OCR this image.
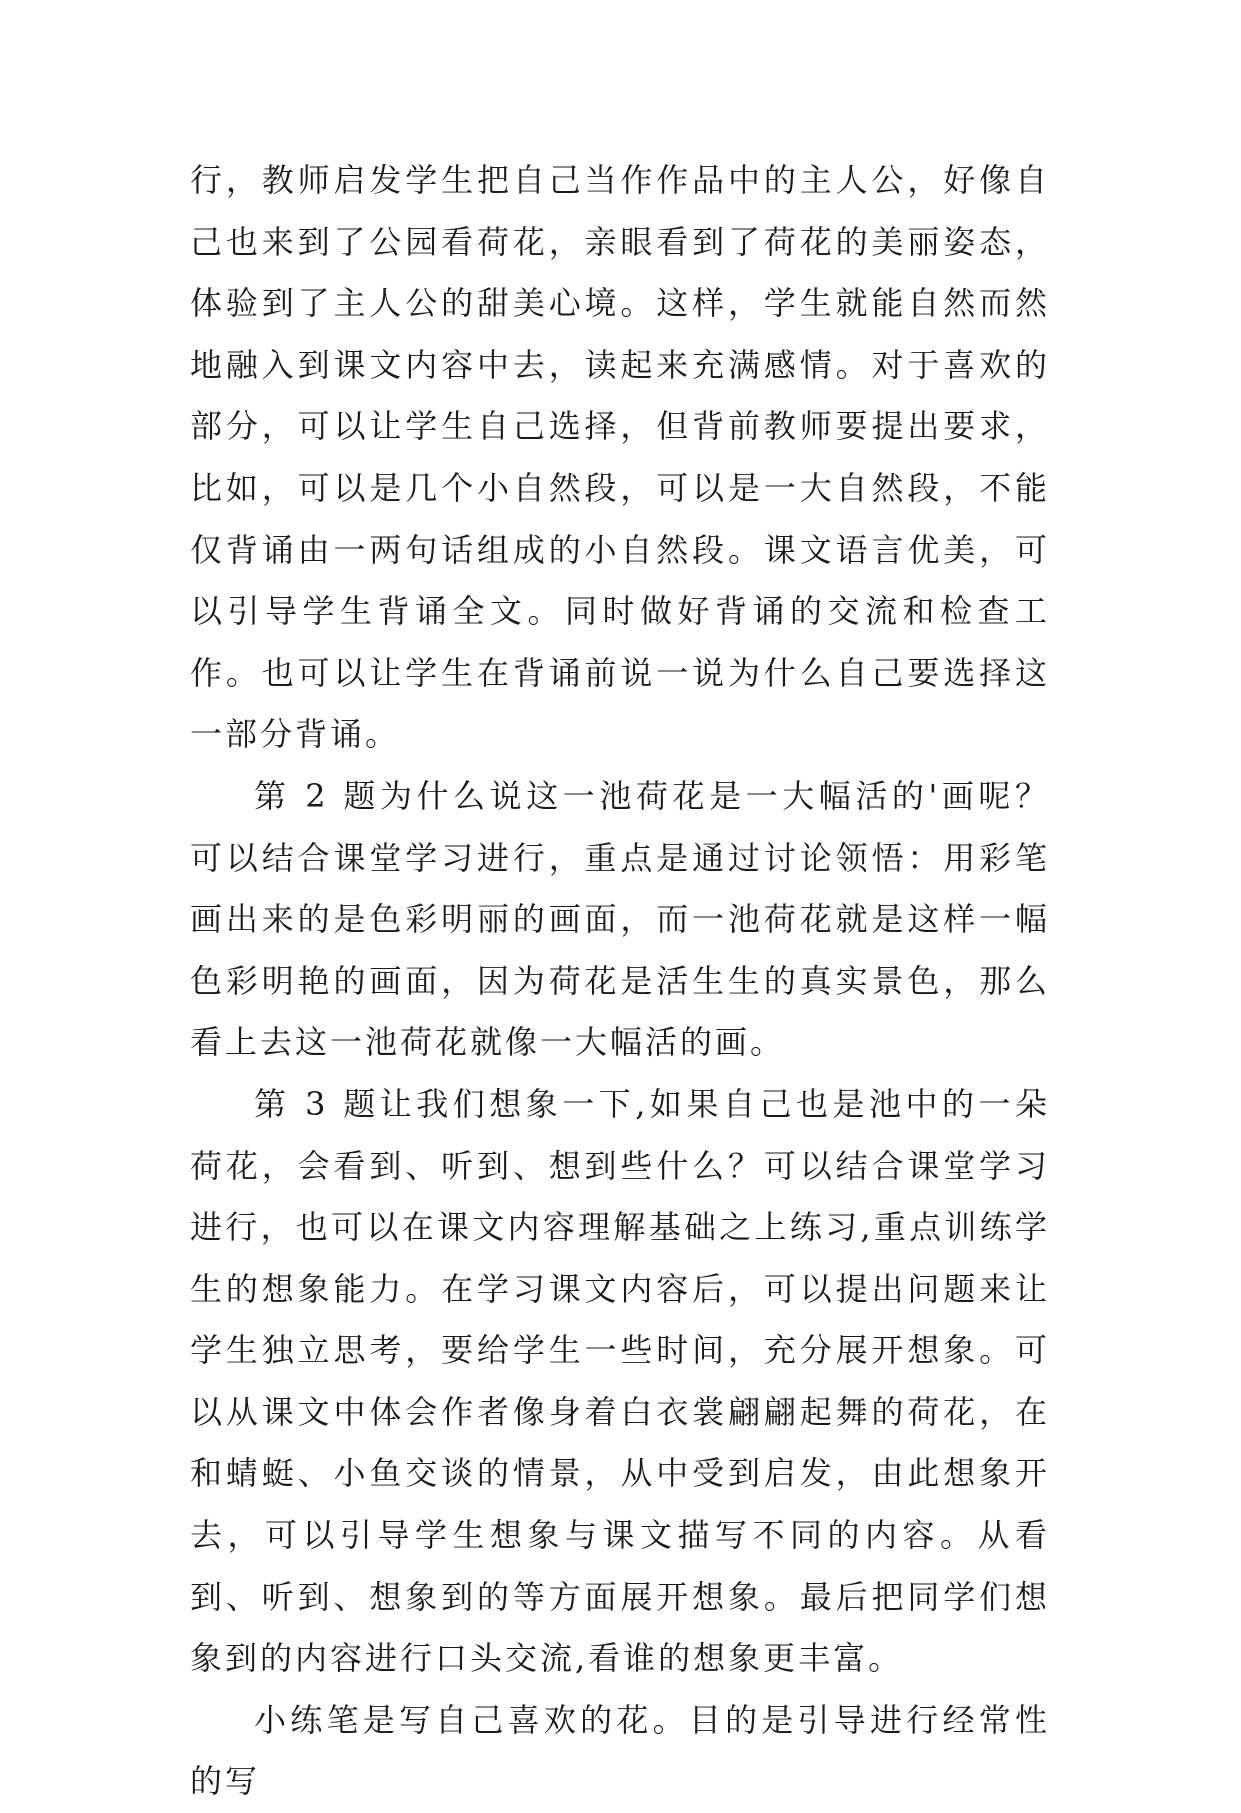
行，教师启发学生把自己当作作品中的主人公，好像自己也来到了公园看荷花，亲眼看到了荷花的美丽姿态，体验到了主人公的甜美心境。这样，学生就能自然而然地融入到课文内容中去，读起来充满感情。对于喜欢的部分，可以让学生自己选择，但背前教师要提出要求，比如，可以是几个小自然段，可以是一大自然段，不能仅背诵由一两句话组成的小自然段。课文语言优美，可以引导学生背诵全文。同时做好背诵的交流和检查工作。也可以让学生在背诵前说一说为什么自己要选择这一部分背诵。

第 2 题为什么说这一池荷花是一大幅活的'画呢？可以结合课堂学习进行，重点是通过讨论领悟：用彩笔画出来的是色彩明丽的画面，而一池荷花就是这样一幅色彩明艳的画面，因为荷花是活生生的真实景色，那么看上去这一池荷花就像一大幅活的画。

第 3 题让我们想象一下,如果自己也是池中的一朵荷花，会看到、听到、想到些什么？可以结合课堂学习进行，也可以在课文内容理解基础之上练习,重点训练学生的想象能力。在学习课文内容后，可以提出问题来让学生独立思考，要给学生一些时间，充分展开想象。可以从课文中体会作者像身着白衣裳翩翩起舞的荷花，在和蜻蜓、小鱼交谈的情景，从中受到启发，由此想象开去，可以引导学生想象与课文描写不同的内容。从看到、听到、想象到的等方面展开想象。最后把同学们想象到的内容进行口头交流,看谁的想象更丰富。

小练笔是写自己喜欢的花。目的是引导进行经常性的写
